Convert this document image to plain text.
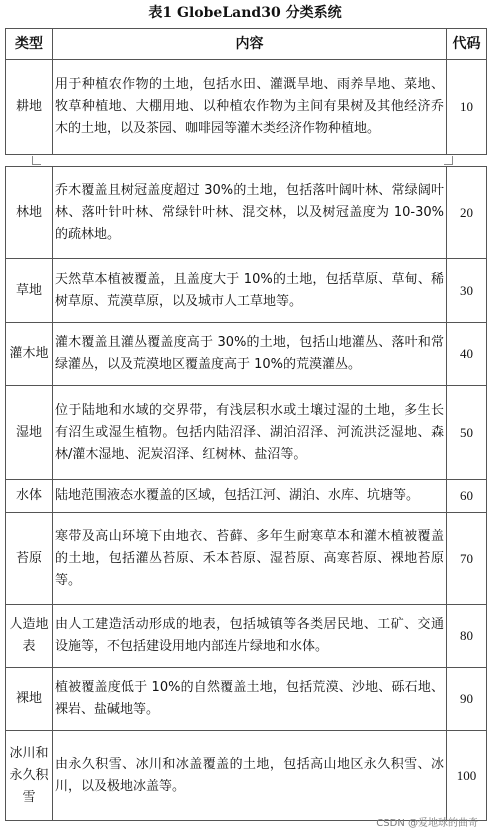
表1 GlobeLand30 分类系统
类型	内容	代码
耕地	用于种植农作物的土地，包括水田、灌溉旱地、雨养旱地、菜地、牧草种植地、大棚用地、以种植农作物为主间有果树及其他经济乔木的土地，以及茶园、咖啡园等灌木类经济作物种植地。	10
林地	乔木覆盖且树冠盖度超过 30%的土地，包括落叶阔叶林、常绿阔叶林、落叶针叶林、常绿针叶林、混交林，以及树冠盖度为 10-30%的疏林地。	20
草地	天然草本植被覆盖，且盖度大于 10%的土地，包括草原、草甸、稀树草原、荒漠草原，以及城市人工草地等。	30
灌木地	灌木覆盖且灌丛覆盖度高于 30%的土地，包括山地灌丛、落叶和常绿灌丛，以及荒漠地区覆盖度高于 10%的荒漠灌丛。	40
湿地	位于陆地和水域的交界带，有浅层积水或土壤过湿的土地，多生长有沼生或湿生植物。包括内陆沼泽、湖泊沼泽、河流洪泛湿地、森林/灌木湿地、泥炭沼泽、红树林、盐沼等。	50
水体	陆地范围液态水覆盖的区域，包括江河、湖泊、水库、坑塘等。	60
苔原	寒带及高山环境下由地衣、苔藓、多年生耐寒草本和灌木植被覆盖的土地，包括灌丛苔原、禾本苔原、湿苔原、高寒苔原、裸地苔原等。	70
人造地表	由人工建造活动形成的地表，包括城镇等各类居民地、工矿、交通设施等，不包括建设用地内部连片绿地和水体。	80
裸地	植被覆盖度低于 10%的自然覆盖土地，包括荒漠、沙地、砾石地、裸岩、盐碱地等。	90
冰川和永久积雪	由永久积雪、冰川和冰盖覆盖的土地，包括高山地区永久积雪、冰川，以及极地冰盖等。	100
CSDN @爱地球的曲奇
